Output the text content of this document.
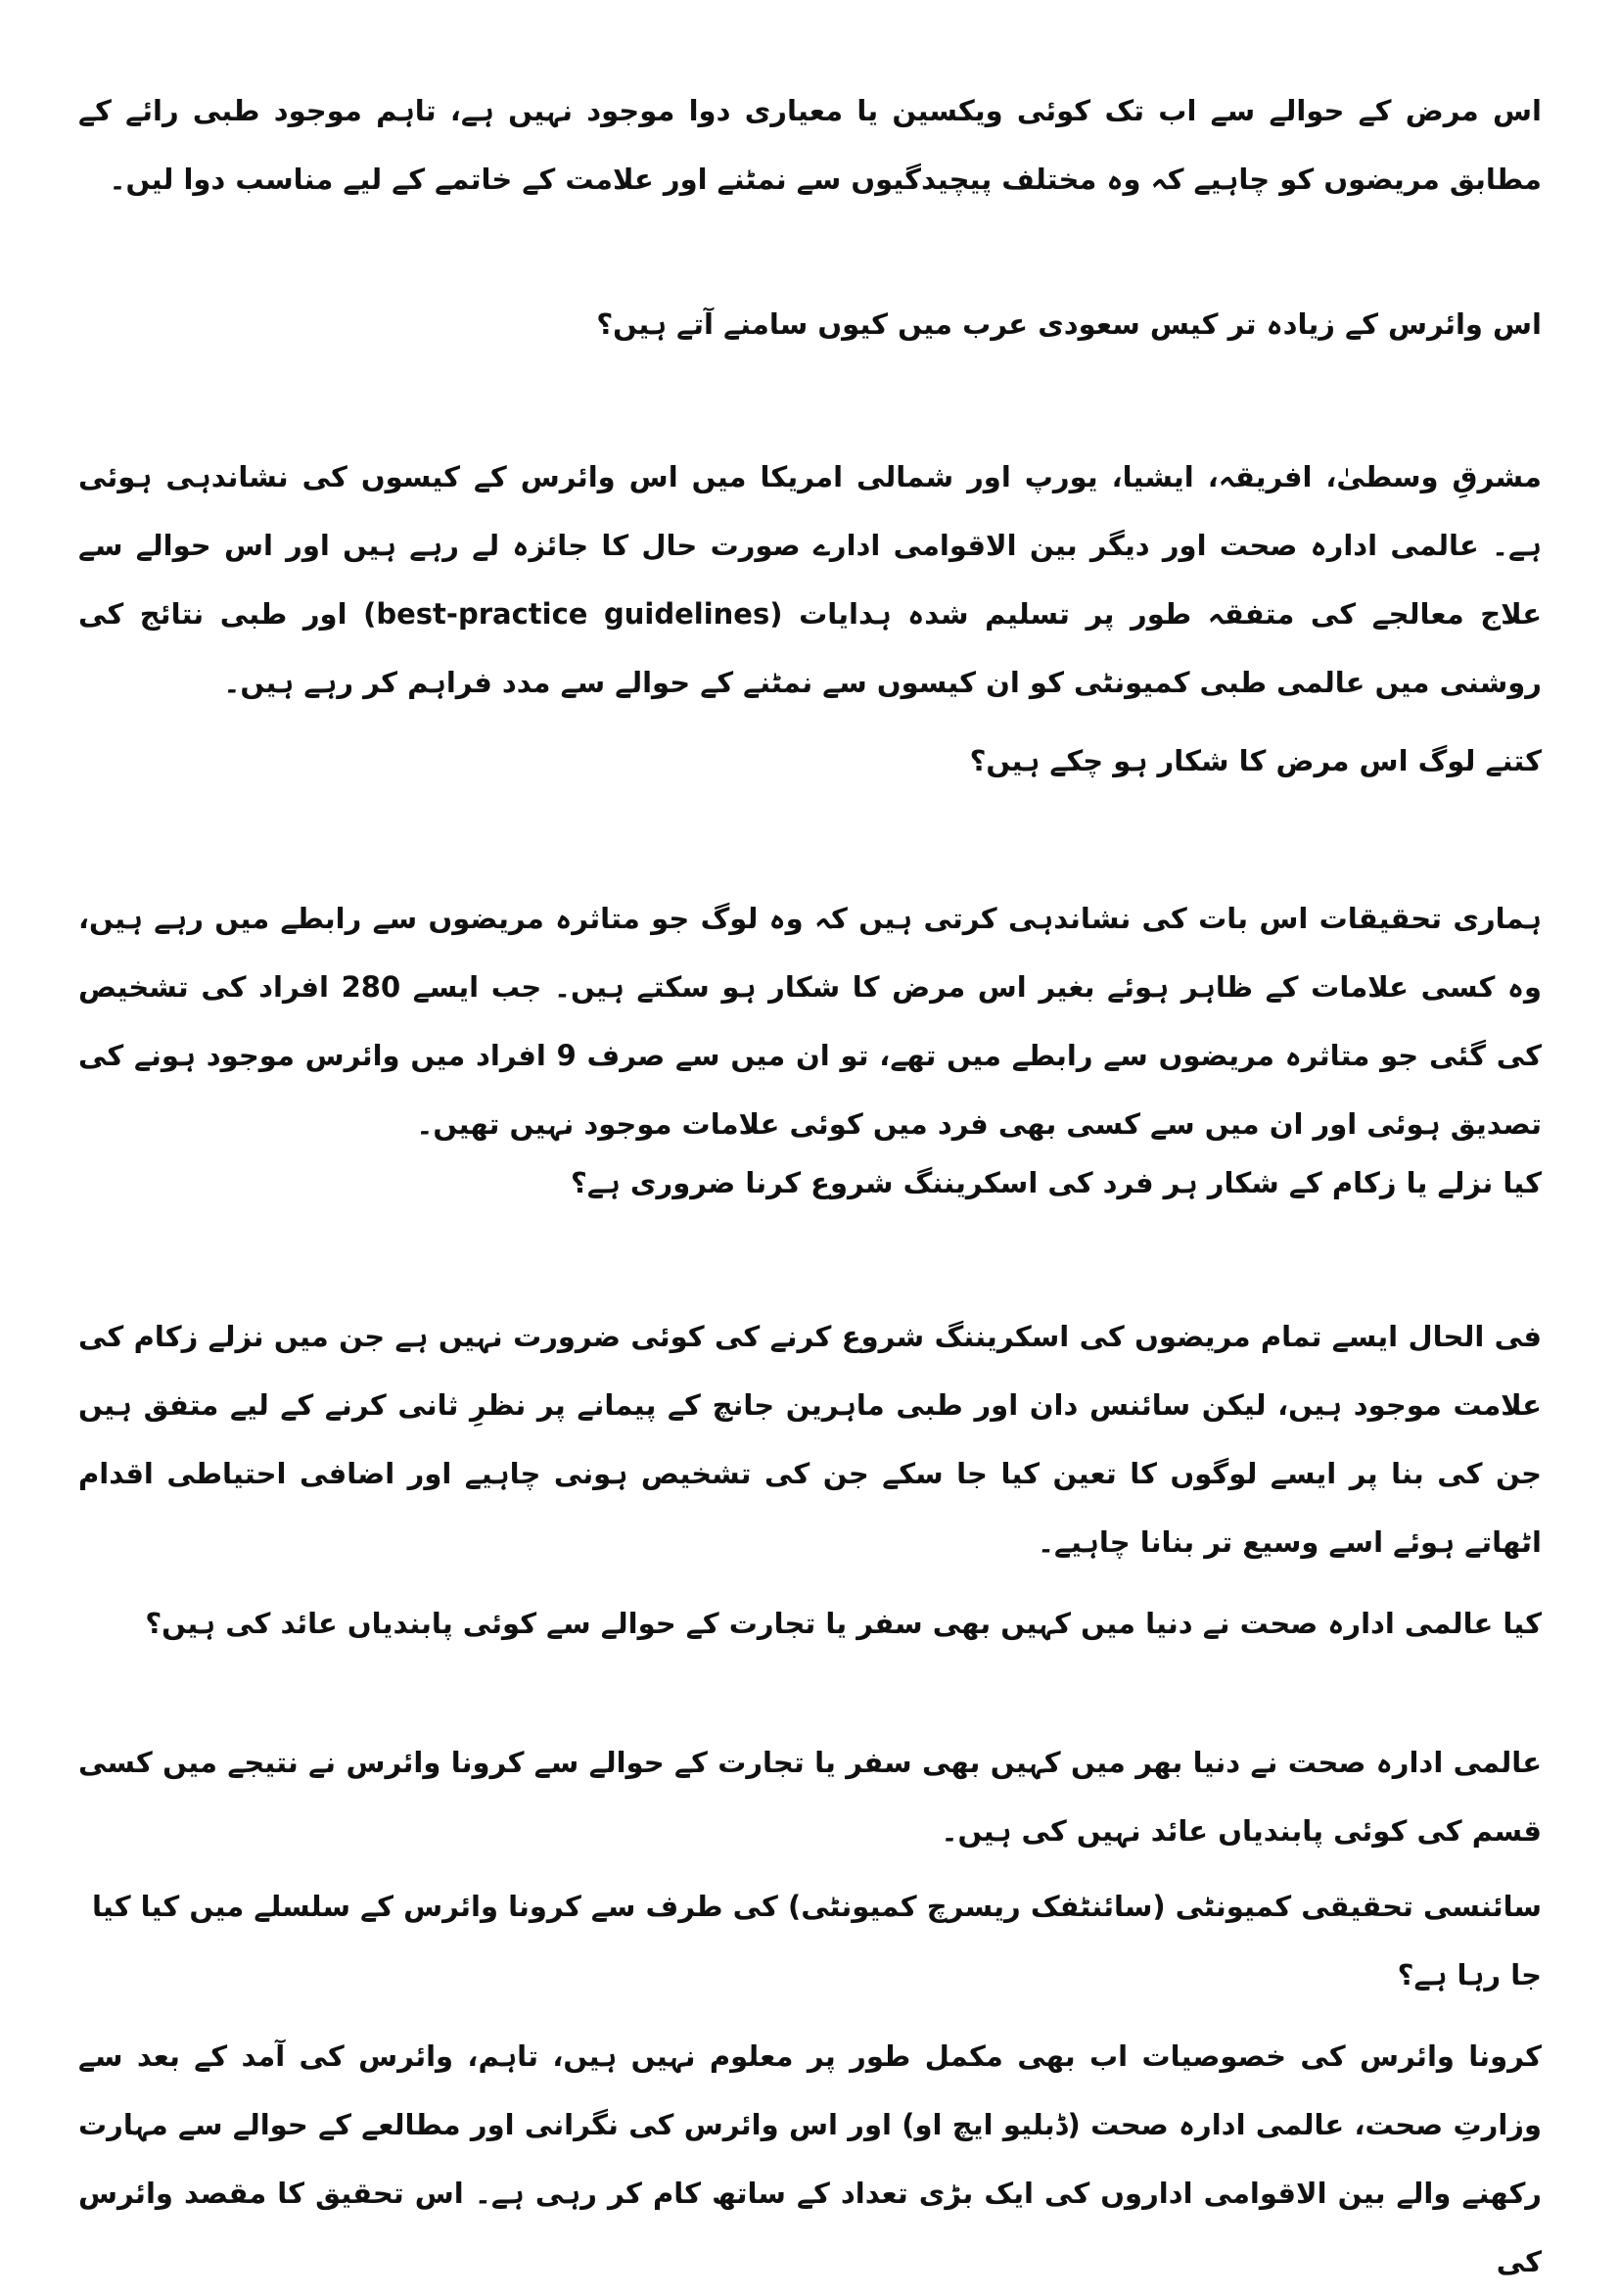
اس مرض کے حوالے سے اب تک کوئی ویکسین یا معیاری دوا موجود نہیں ہے، تاہم موجود طبی رائے کے مطابق مریضوں کو چاہیے کہ وہ مختلف پیچیدگیوں سے نمٹنے اور علامت کے خاتمے کے لیے مناسب دوا لیں۔

اس وائرس کے زیادہ تر کیس سعودی عرب میں کیوں سامنے آتے ہیں؟

مشرقِ وسطیٰ، افریقہ، ایشیا، یورپ اور شمالی امریکا میں اس وائرس کے کیسوں کی نشاندہی ہوئی ہے۔ عالمی ادارہ صحت اور دیگر بین الاقوامی ادارے صورت حال کا جائزہ لے رہے ہیں اور اس حوالے سے علاج معالجے کی متفقہ طور پر تسلیم شدہ ہدایات (best-practice guidelines) اور طبی نتائج کی روشنی میں عالمی طبی کمیونٹی کو ان کیسوں سے نمٹنے کے حوالے سے مدد فراہم کر رہے ہیں۔

کتنے لوگ اس مرض کا شکار ہو چکے ہیں؟

ہماری تحقیقات اس بات کی نشاندہی کرتی ہیں کہ وہ لوگ جو متاثرہ مریضوں سے رابطے میں رہے ہیں، وہ کسی علامات کے ظاہر ہوئے بغیر اس مرض کا شکار ہو سکتے ہیں۔ جب ایسے 280 افراد کی تشخیص کی گئی جو متاثرہ مریضوں سے رابطے میں تھے، تو ان میں سے صرف 9 افراد میں وائرس موجود ہونے کی تصدیق ہوئی اور ان میں سے کسی بھی فرد میں کوئی علامات موجود نہیں تھیں۔

کیا نزلے یا زکام کے شکار ہر فرد کی اسکریننگ شروع کرنا ضروری ہے؟

فی الحال ایسے تمام مریضوں کی اسکریننگ شروع کرنے کی کوئی ضرورت نہیں ہے جن میں نزلے زکام کی علامت موجود ہیں، لیکن سائنس دان اور طبی ماہرین جانچ کے پیمانے پر نظرِ ثانی کرنے کے لیے متفق ہیں جن کی بنا پر ایسے لوگوں کا تعین کیا جا سکے جن کی تشخیص ہونی چاہیے اور اضافی احتیاطی اقدام اٹھاتے ہوئے اسے وسیع تر بنانا چاہیے۔

کیا عالمی ادارہ صحت نے دنیا میں کہیں بھی سفر یا تجارت کے حوالے سے کوئی پابندیاں عائد کی ہیں؟

عالمی ادارہ صحت نے دنیا بھر میں کہیں بھی سفر یا تجارت کے حوالے سے کرونا وائرس نے نتیجے میں کسی قسم کی کوئی پابندیاں عائد نہیں کی ہیں۔

سائنسی تحقیقی کمیونٹی (سائنٹفک ریسرچ کمیونٹی) کی طرف سے کرونا وائرس کے سلسلے میں کیا کیا جا رہا ہے؟

کرونا وائرس کی خصوصیات اب بھی مکمل طور پر معلوم نہیں ہیں، تاہم، وائرس کی آمد کے بعد سے وزارتِ صحت، عالمی ادارہ صحت (ڈبلیو ایچ او) اور اس وائرس کی نگرانی اور مطالعے کے حوالے سے مہارت رکھنے والے بین الاقوامی اداروں کی ایک بڑی تعداد کے ساتھ کام کر رہی ہے۔ اس تحقیق کا مقصد وائرس کی
